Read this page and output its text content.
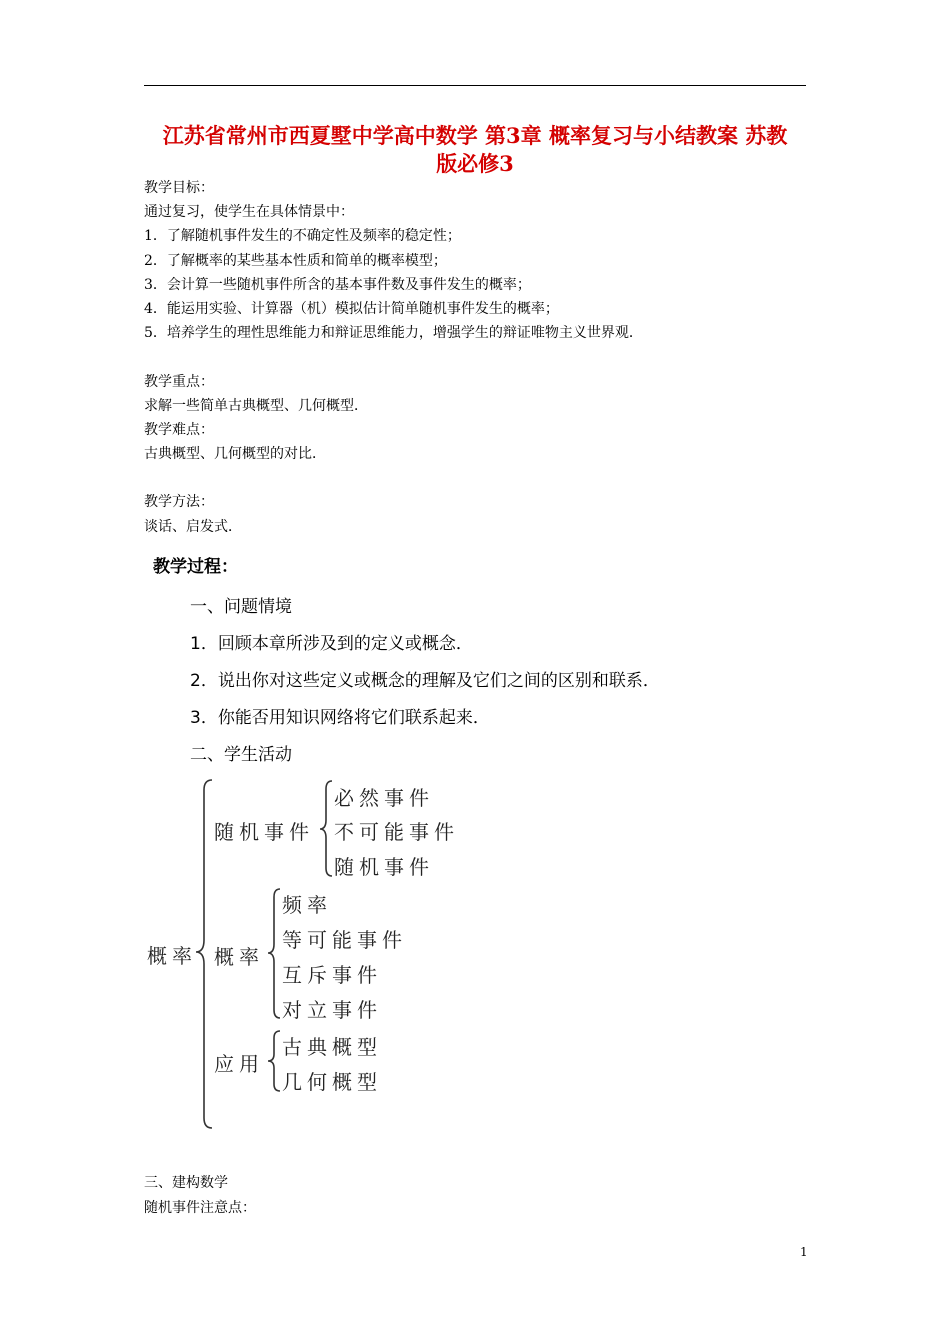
江苏省常州市西夏墅中学高中数学 第3章 概率复习与小结教案 苏教
版必修3
教学目标：
通过复习，使学生在具体情景中：
1．了解随机事件发生的不确定性及频率的稳定性；
2．了解概率的某些基本性质和简单的概率模型；
3．会计算一些随机事件所含的基本事件数及事件发生的概率；
4．能运用实验、计算器（机）模拟估计简单随机事件发生的概率；
5．培养学生的理性思维能力和辩证思维能力，增强学生的辩证唯物主义世界观．
教学重点：
求解一些简单古典概型、几何概型．
教学难点：
古典概型、几何概型的对比．
教学方法：
谈话、启发式．
教学过程：
一、问题情境
1．回顾本章所涉及到的定义或概念．
2．说出你对这些定义或概念的理解及它们之间的区别和联系．
3．你能否用知识网络将它们联系起来．
二、学生活动
概率
随机事件
必然事件
不可能事件
随机事件
概率
频率
等可能事件
互斥事件
对立事件
应用
古典概型
几何概型
三、建构数学
随机事件注意点：
1
